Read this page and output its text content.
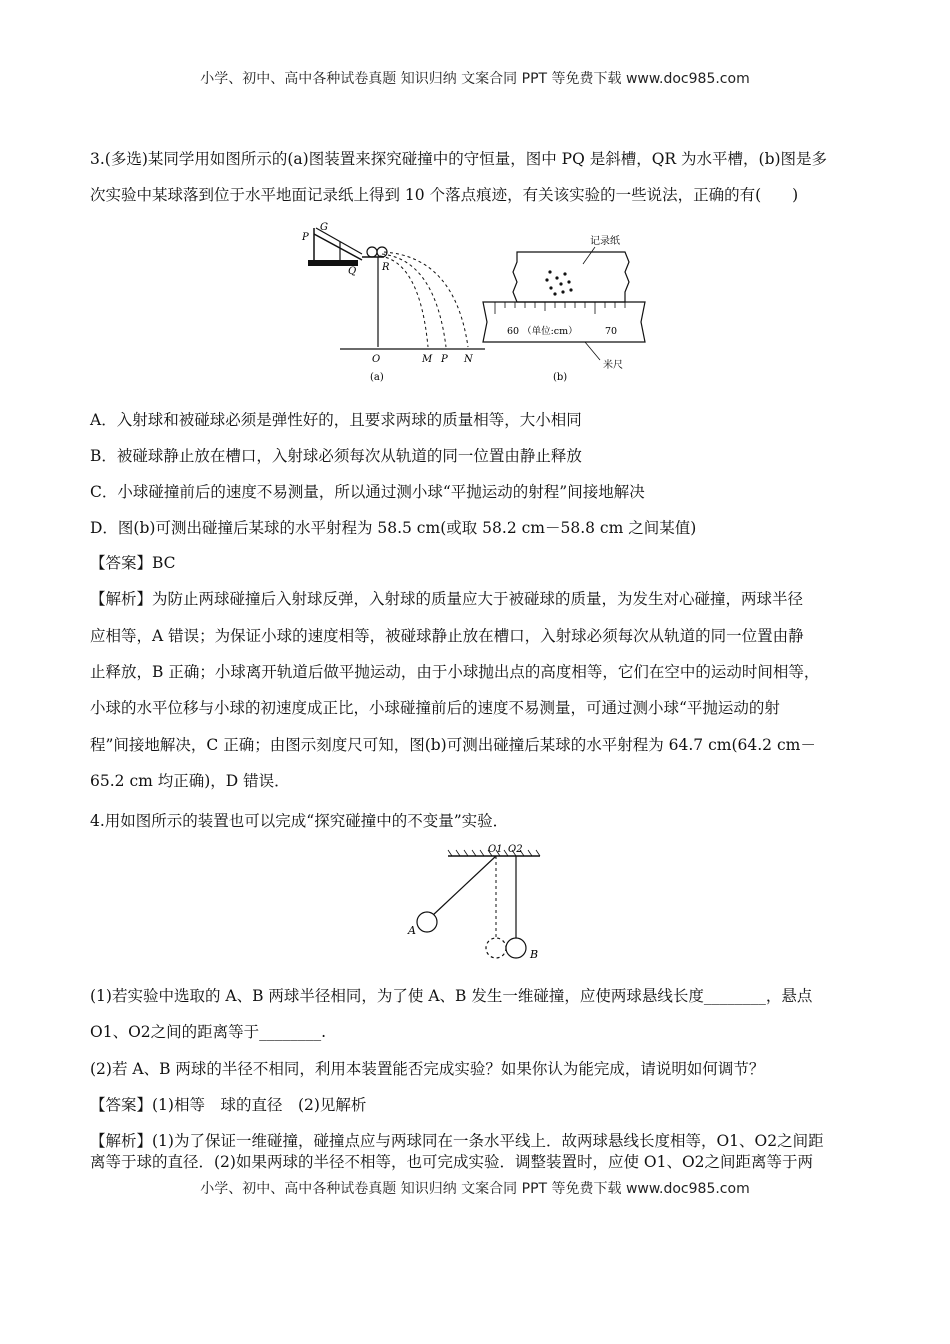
小学、初中、高中各种试卷真题 知识归纳 文案合同 PPT 等免费下载 www.doc985.com
3.(多选)某同学用如图所示的(a)图装置来探究碰撞中的守恒量，图中 PQ 是斜槽，QR 为水平槽，(b)图是多
次实验中某球落到位于水平地面记录纸上得到 10 个落点痕迹，有关该实验的一些说法，正确的有(　　)
G
P
Q	R
O	M P N
(a)
记录纸
60 （单位:cm）	70
米尺
(b)
A．入射球和被碰球必须是弹性好的，且要求两球的质量相等，大小相同
B．被碰球静止放在槽口，入射球必须每次从轨道的同一位置由静止释放
C．小球碰撞前后的速度不易测量，所以通过测小球“平抛运动的射程”间接地解决
D．图(b)可测出碰撞后某球的水平射程为 58.5 cm(或取 58.2 cm－58.8 cm 之间某值)
【答案】BC
【解析】为防止两球碰撞后入射球反弹，入射球的质量应大于被碰球的质量，为发生对心碰撞，两球半径
应相等，A 错误；为保证小球的速度相等，被碰球静止放在槽口，入射球必须每次从轨道的同一位置由静
止释放，B 正确；小球离开轨道后做平抛运动，由于小球抛出点的高度相等，它们在空中的运动时间相等，
小球的水平位移与小球的初速度成正比，小球碰撞前后的速度不易测量，可通过测小球“平抛运动的射
程”间接地解决，C 正确；由图示刻度尺可知，图(b)可测出碰撞后某球的水平射程为 64.7 cm(64.2 cm－
65.2 cm 均正确)，D 错误．
4.用如图所示的装置也可以完成“探究碰撞中的不变量”实验．
O1 O2
A
B
(1)若实验中选取的 A、B 两球半径相同，为了使 A、B 发生一维碰撞，应使两球悬线长度________，悬点
O1、O2之间的距离等于________.
(2)若 A、B 两球的半径不相同，利用本装置能否完成实验？如果你认为能完成，请说明如何调节？
【答案】(1)相等　球的直径　(2)见解析
【解析】(1)为了保证一维碰撞，碰撞点应与两球同在一条水平线上．故两球悬线长度相等，O1、O2之间距
离等于球的直径．(2)如果两球的半径不相等，也可完成实验．调整装置时，应使 O1、O2之间距离等于两
小学、初中、高中各种试卷真题 知识归纳 文案合同 PPT 等免费下载 www.doc985.com
